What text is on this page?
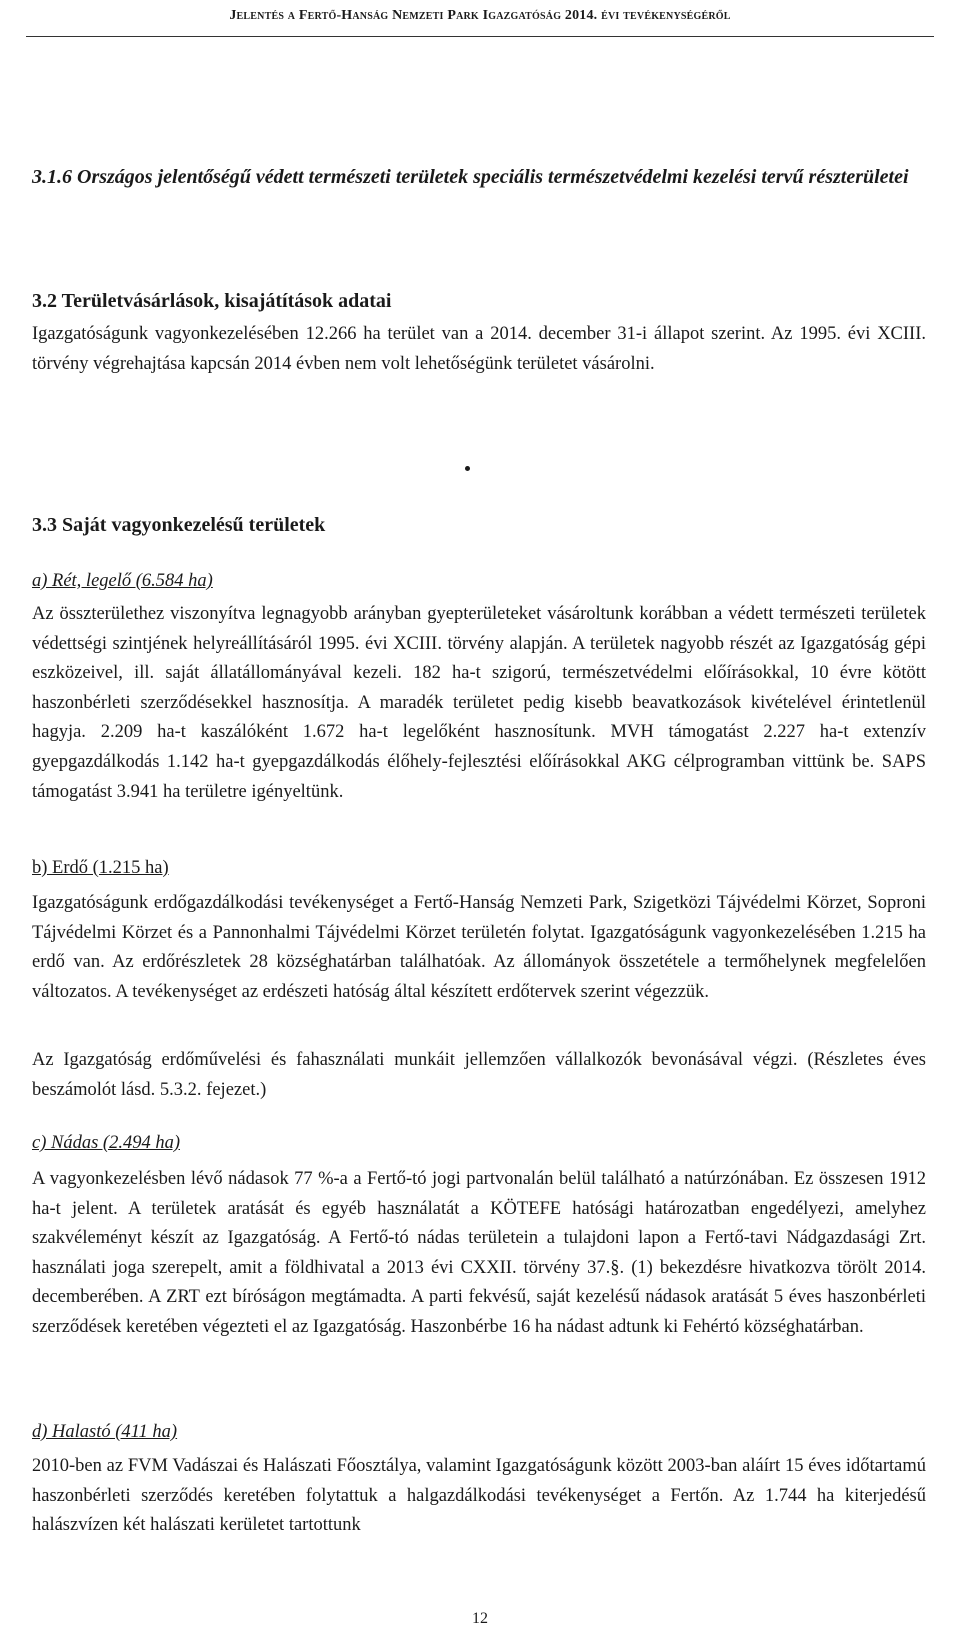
Jelentés a Fertő-Hanság Nemzeti Park Igazgatóság 2014. évi tevékenységéről
3.1.6 Országos jelentőségű védett természeti területek speciális természetvédelmi kezelési tervű részterületei
3.2 Területvásárlások, kisajátítások adatai

Igazgatóságunk vagyonkezelésében 12.266 ha terület van a 2014. december 31-i állapot szerint. Az 1995. évi XCIII. törvény végrehajtása kapcsán 2014 évben nem volt lehetőségünk területet vásárolni.

3.3 Saját vagyonkezelésű területek

a) Rét, legelő (6.584 ha)

Az összterülethez viszonyítva legnagyobb arányban gyepterületeket vásároltunk korábban a védett természeti területek védettségi szintjének helyreállításáról 1995. évi XCIII. törvény alapján. A területek nagyobb részét az Igazgatóság gépi eszközeivel, ill. saját állatállományával kezeli. 182 ha-t szigorú, természetvédelmi előírásokkal, 10 évre kötött haszonbérleti szerződésekkel hasznosítja. A maradék területet pedig kisebb beavatkozások kivételével érintetlenül hagyja. 2.209 ha-t kaszálóként 1.672 ha-t legelőként hasznosítunk. MVH támogatást 2.227 ha-t extenzív gyepgazdálkodás 1.142 ha-t gyepgazdálkodás élőhely-fejlesztési előírásokkal AKG célprogramban vittünk be. SAPS támogatást 3.941 ha területre igényeltünk.

b) Erdő (1.215 ha)

Igazgatóságunk erdőgazdálkodási tevékenységet a Fertő-Hanság Nemzeti Park, Szigetközi Tájvédelmi Körzet, Soproni Tájvédelmi Körzet és a Pannonhalmi Tájvédelmi Körzet területén folytat. Igazgatóságunk vagyonkezelésében 1.215 ha erdő van. Az erdőrészletek 28 községhatárban találhatóak. Az állományok összetétele a termőhelynek megfelelően változatos. A tevékenységet az erdészeti hatóság által készített erdőtervek szerint végezzük.

Az Igazgatóság erdőművelési és fahasználati munkáit jellemzően vállalkozók bevonásával végzi. (Részletes éves beszámolót lásd. 5.3.2. fejezet.)

c) Nádas (2.494 ha)

A vagyonkezelésben lévő nádasok 77 %-a a Fertő-tó jogi partvonalán belül található a natúrzónában. Ez összesen 1912 ha-t jelent. A területek aratását és egyéb használatát a KÖTEFE hatósági határozatban engedélyezi, amelyhez szakvéleményt készít az Igazgatóság. A Fertő-tó nádas területein a tulajdoni lapon a Fertő-tavi Nádgazdasági Zrt. használati joga szerepelt, amit a földhivatal a 2013 évi CXXII. törvény 37.§. (1) bekezdésre hivatkozva törölt 2014. decemberében. A ZRT ezt bíróságon megtámadta. A parti fekvésű, saját kezelésű nádasok aratását 5 éves haszonbérleti szerződések keretében végezteti el az Igazgatóság. Haszonbérbe 16 ha nádast adtunk ki Fehértó községhatárban.

d) Halastó (411 ha)

2010-ben az FVM Vadászai és Halászati Főosztálya, valamint Igazgatóságunk között 2003-ban aláírt 15 éves időtartamú haszonbérleti szerződés keretében folytattuk a halgazdálkodási tevékenységet a Fertőn. Az 1.744 ha kiterjedésű halászvízen két halászati kerületet tartottunk

12
